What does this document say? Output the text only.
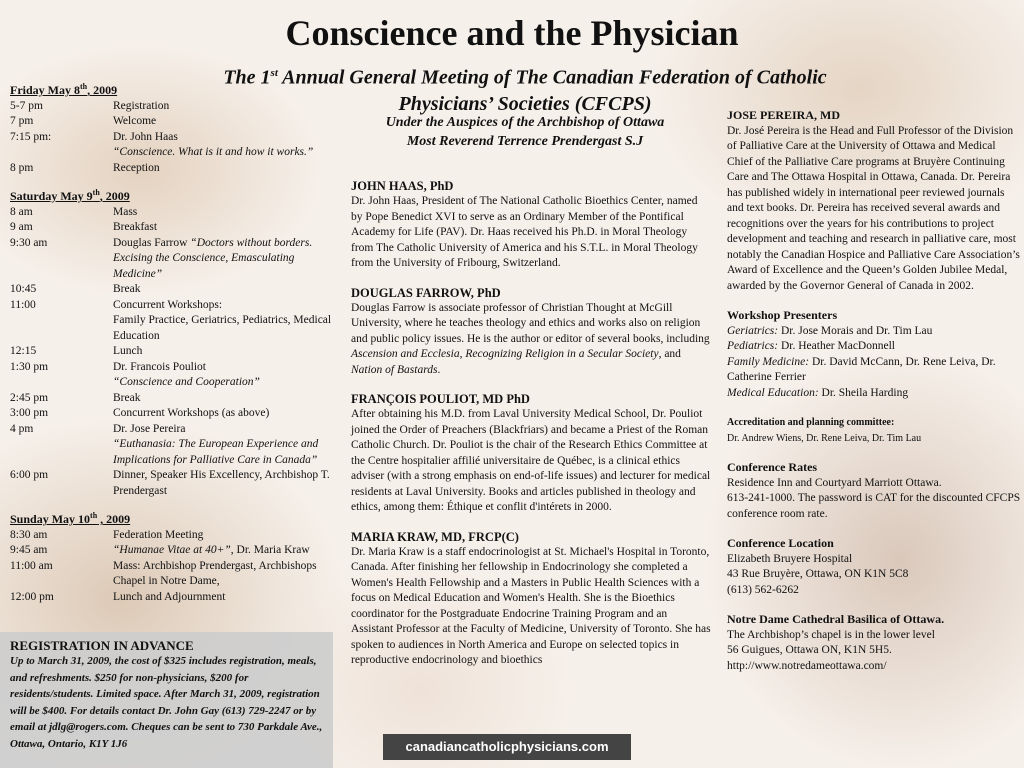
Conscience and the Physician
The 1st Annual General Meeting of The Canadian Federation of Catholic Physicians’ Societies (CFCPS)
Under the Auspices of the Archbishop of Ottawa
Most Reverend Terrence Prendergast S.J
Friday May 8th, 2009
5-7 pm	Registration
7 pm	Welcome
7:15 pm:	Dr. John Haas
“Conscience. What is it and how it works.”
8 pm	Reception
Saturday May 9th, 2009
8 am	Mass
9 am	Breakfast
9:30 am	Douglas Farrow “Doctors without borders. Excising the Conscience, Emasculating Medicine”
10:45	Break
11:00	Concurrent Workshops:
Family Practice, Geriatrics, Pediatrics, Medical Education
12:15	Lunch
1:30 pm	Dr. Francois Pouliot
“Conscience and Cooperation”
2:45 pm	Break
3:00 pm	Concurrent Workshops (as above)
4 pm	Dr. Jose Pereira
“Euthanasia: The European Experience and Implications for Palliative Care in Canada”
6:00 pm	Dinner, Speaker His Excellency, Archbishop T. Prendergast
Sunday May 10th , 2009
8:30 am	Federation Meeting
9:45 am	“Humanae Vitae at 40+”, Dr. Maria Kraw
11:00 am	Mass: Archbishop Prendergast, Archbishops Chapel in Notre Dame,
12:00 pm	Lunch and Adjournment
REGISTRATION IN ADVANCE
Up to March 31, 2009, the cost of $325 includes registration, meals, and refreshments. $250 for non-physicians, $200 for residents/students. Limited space. After March 31, 2009, registration will be $400. For details contact Dr. John Gay (613) 729-2247 or by email at jdlg@rogers.com. Cheques can be sent to 730 Parkdale Ave., Ottawa, Ontario, K1Y 1J6
JOHN HAAS, PhD

Dr. John Haas, President of The National Catholic Bioethics Center, named by Pope Benedict XVI to serve as an Ordinary Member of the Pontifical Academy for Life (PAV). Dr. Haas received his Ph.D. in Moral Theology from The Catholic University of America and his S.T.L. in Moral Theology from the University of Fribourg, Switzerland.

DOUGLAS FARROW, PhD

Douglas Farrow is associate professor of Christian Thought at McGill University, where he teaches theology and ethics and works also on religion and public policy issues. He is the author or editor of several books, including Ascension and Ecclesia, Recognizing Religion in a Secular Society, and Nation of Bastards.

FRANÇOIS POULIOT, MD PhD

After obtaining his M.D. from Laval University Medical School, Dr. Pouliot joined the Order of Preachers (Blackfriars) and became a Priest of the Roman Catholic Church. Dr. Pouliot is the chair of the Research Ethics Committee at the Centre hospitalier affilié universitaire de Québec, is a clinical ethics adviser (with a strong emphasis on end-of-life issues) and lecturer for medical residents at Laval University. Books and articles published in theology and ethics, among them: Éthique et conflit d'intérets in 2000.

MARIA KRAW, MD, FRCP(C)

Dr. Maria Kraw is a staff endocrinologist at St. Michael's Hospital in Toronto, Canada. After finishing her fellowship in Endocrinology she completed a Women's Health Fellowship and a Masters in Public Health Sciences with a focus on Medical Education and Women's Health. She is the Bioethics coordinator for the Postgraduate Endocrine Training Program and an Assistant Professor at the Faculty of Medicine, University of Toronto. She has spoken to audiences in North America and Europe on selected topics in reproductive endocrinology and bioethics

JOSE PEREIRA, MD
Dr. José Pereira is the Head and Full Professor of the Division of Palliative Care at the University of Ottawa and Medical Chief of the Palliative Care programs at Bruyère Continuing Care and The Ottawa Hospital in Ottawa, Canada. Dr. Pereira has published widely in international peer reviewed journals and text books. Dr. Pereira has received several awards and recognitions over the years for his contributions to project development and teaching and research in palliative care, most notably the Canadian Hospice and Palliative Care Association’s Award of Excellence and the Queen’s Golden Jubilee Medal, awarded by the Governor General of Canada in 2002.
Workshop Presenters
Geriatrics: Dr. Jose Morais and Dr. Tim Lau
Pediatrics: Dr. Heather MacDonnell
Family Medicine: Dr. David McCann, Dr. Rene Leiva, Dr. Catherine Ferrier
Medical Education: Dr. Sheila Harding
Accreditation and planning committee:
Dr. Andrew Wiens, Dr. Rene Leiva, Dr. Tim Lau
Conference Rates
Residence Inn and Courtyard Marriott Ottawa.
613-241-1000. The password is CAT for the discounted CFCPS conference room rate.
Conference Location
Elizabeth Bruyere Hospital
43 Rue Bruyère, Ottawa, ON K1N 5C8
(613) 562-6262
Notre Dame Cathedral Basilica of Ottawa.
The Archbishop’s chapel is in the lower level
56 Guigues, Ottawa ON, K1N 5H5.
http://www.notredameottawa.com/
canadiancatholicphysicians.com
